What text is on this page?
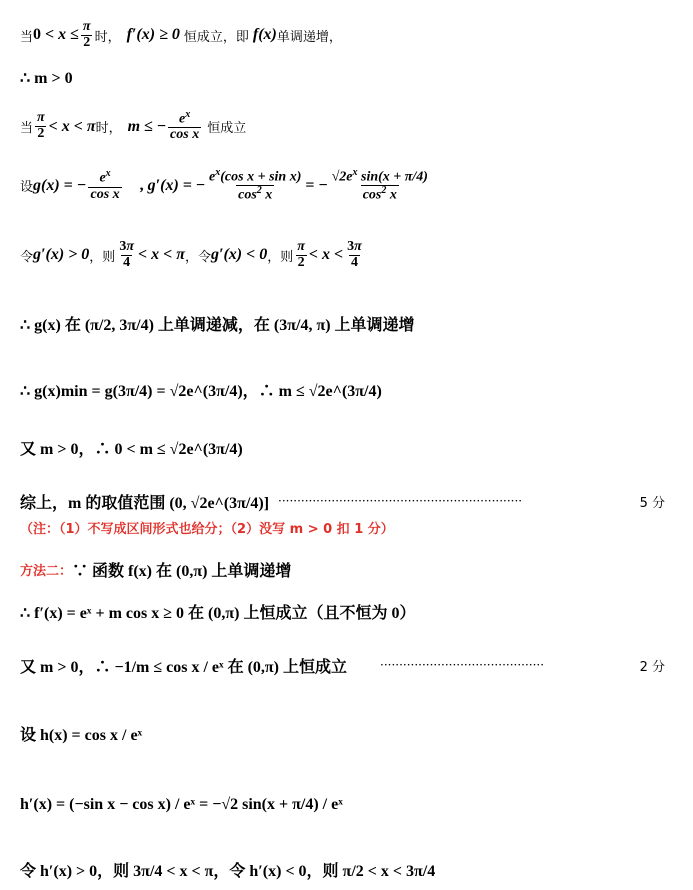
当 $0 < x \le \frac{\pi}{2}$ 时， f′(x) ≥ 0 恒成立，即 f(x) 单调递增，
∴ m > 0
当 $\frac{\pi}{2} < x < \pi$ 时， m ≤ − $\frac{e^x}{\text{cos x}}$ 恒成立
设 g(x) = − $\frac{e^x}{\text{cos x}}$ , g′(x) = − $\frac{e^x(\cos x + \sin x)}{\cos^2 x}$ = − $\frac{√2e^x \sin(x + \pi/4)}{\cos^2 x}$
令 g′(x) > 0 ，则 $\frac{3\pi}{4} < x < \pi$ ，令 g′(x) < 0 ，则 $\frac{\pi}{2} < x < \frac{3\pi}{4}$
∴ g(x) 在 (π/2, 3π/4) 上单调递减，在 (3π/4, π) 上单调递增
∴ g(x)min = g(3π/4) = √2e^(3π/4)，∴ m ≤ √2e^(3π/4)
又 m > 0，∴ 0 < m ≤ √2e^(3π/4)
综上，m 的取值范围 (0, √2e^(3π/4)] ································································	5 分
（注：（1）不写成区间形式也给分；（2）没写 m > 0 扣 1 分）
方法二： ∵ 函数 f(x) 在 (0,π) 上单调递增
∴ f′(x) = eˣ + m cos x ≥ 0 在 (0,π) 上恒成立（且不恒为 0）
又 m > 0，∴ −1/m ≤ cos x / eˣ 在 (0,π) 上恒成立	···········································	2 分
设 h(x) = cos x / eˣ
h′(x) = (−sin x − cos x) / eˣ = −√2 sin(x + π/4) / eˣ
令 h′(x) > 0，则 3π/4 < x < π，令 h′(x) < 0，则 π/2 < x < 3π/4
